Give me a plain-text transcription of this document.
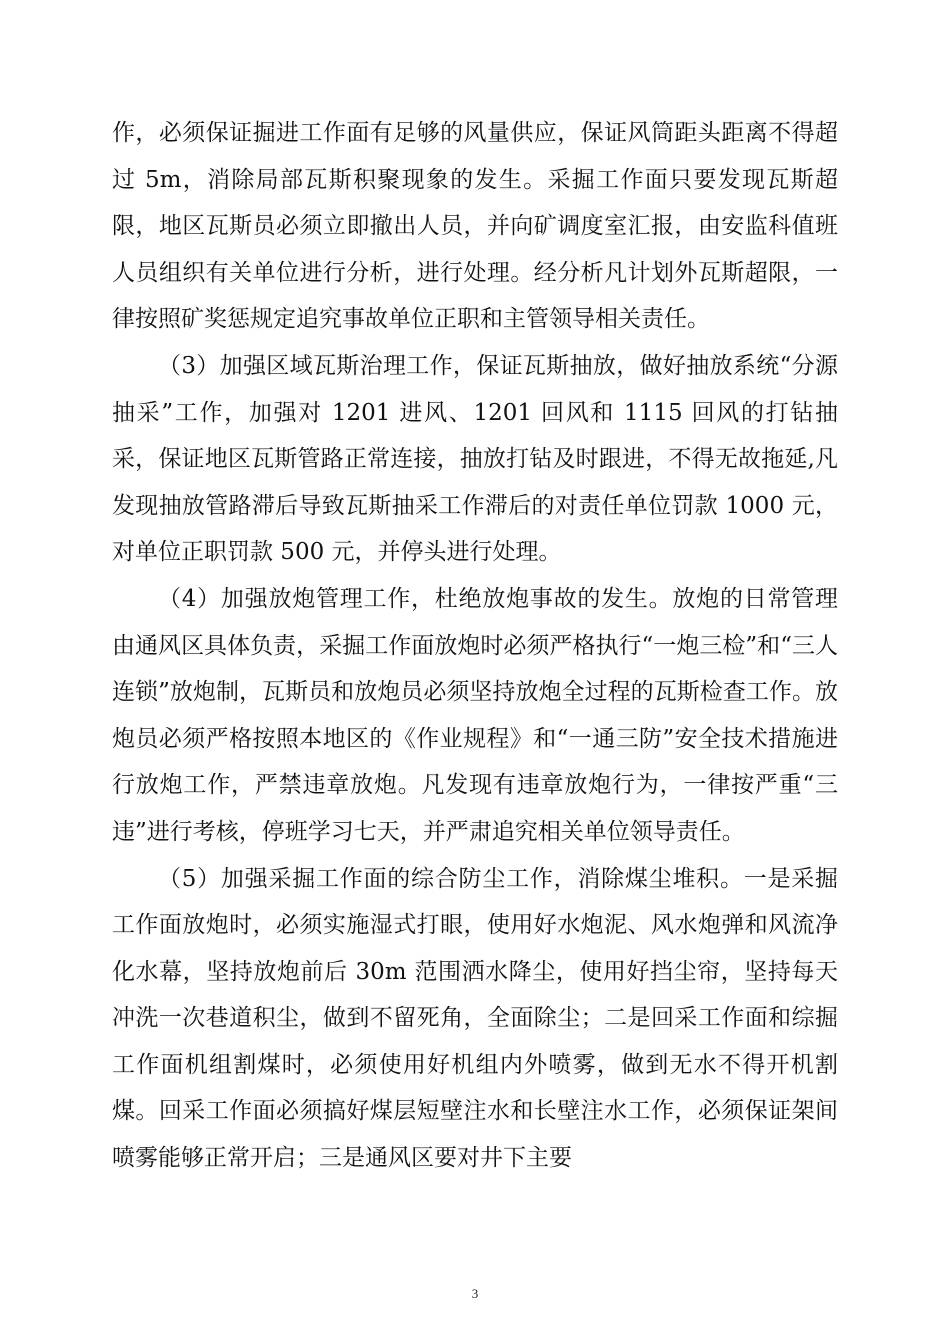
作，必须保证掘进工作面有足够的风量供应，保证风筒距头距离不得超过 5m，消除局部瓦斯积聚现象的发生。采掘工作面只要发现瓦斯超限，地区瓦斯员必须立即撤出人员，并向矿调度室汇报，由安监科值班人员组织有关单位进行分析，进行处理。经分析凡计划外瓦斯超限，一律按照矿奖惩规定追究事故单位正职和主管领导相关责任。

（3）加强区域瓦斯治理工作，保证瓦斯抽放，做好抽放系统“分源抽采”工作，加强对 1201 进风、1201 回风和 1115 回风的打钻抽采，保证地区瓦斯管路正常连接，抽放打钻及时跟进，不得无故拖延,凡发现抽放管路滞后导致瓦斯抽采工作滞后的对责任单位罚款 1000 元，对单位正职罚款 500 元，并停头进行处理。

（4）加强放炮管理工作，杜绝放炮事故的发生。放炮的日常管理由通风区具体负责，采掘工作面放炮时必须严格执行“一炮三检”和“三人连锁”放炮制，瓦斯员和放炮员必须坚持放炮全过程的瓦斯检查工作。放炮员必须严格按照本地区的《作业规程》和“一通三防”安全技术措施进行放炮工作，严禁违章放炮。凡发现有违章放炮行为，一律按严重“三违”进行考核，停班学习七天，并严肃追究相关单位领导责任。

（5）加强采掘工作面的综合防尘工作，消除煤尘堆积。一是采掘工作面放炮时，必须实施湿式打眼，使用好水炮泥、风水炮弹和风流净化水幕，坚持放炮前后 30m 范围洒水降尘，使用好挡尘帘，坚持每天冲洗一次巷道积尘，做到不留死角，全面除尘；二是回采工作面和综掘工作面机组割煤时，必须使用好机组内外喷雾，做到无水不得开机割煤。回采工作面必须搞好煤层短壁注水和长壁注水工作，必须保证架间喷雾能够正常开启；三是通风区要对井下主要

3
